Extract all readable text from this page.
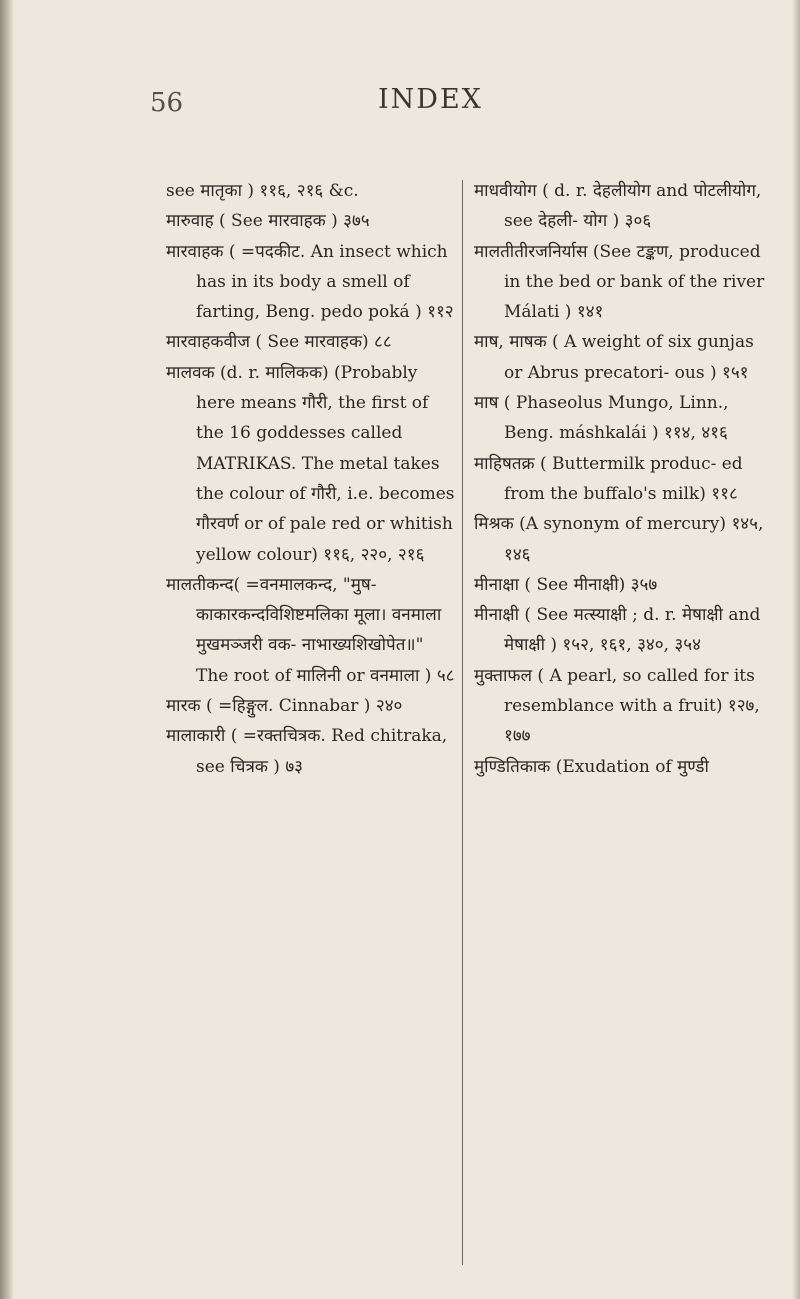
56	INDEX

see मातृका ) ११६, २१६ &c.

मारुवाह ( See मारवाहक ) ३७५

मारवाहक ( =पदकीट. An insect which has in its body a smell of farting, Beng. pedo poká ) ११२

मारवाहकवीज ( See मारवाहक) ८८

मालवक (d. r. मालिकक) (Probably here means गौरी, the first of the 16 goddesses called MATRIKAS. The metal takes the colour of गौरी, i.e. becomes गौरवर्ण or of pale red or whitish yellow colour) ११६, २२०, २१६

मालतीकन्द( =वनमालकन्द, "मुष- काकारकन्दविशिष्टमलिका मूला। वनमाला मुखमञ्जरी वक- नाभाख्यशिखोपेत॥" The root of मालिनी or वनमाला ) ५८

मारक ( =हिङ्गुल. Cinnabar ) २४०

मालाकारी ( =रक्तचित्रक. Red chitraka, see चित्रक ) ७३

माधवीयोग ( d. r. देहलीयोग and पोटलीयोग, see देहली- योग ) ३०६

मालतीतीरजनिर्यास (See टङ्कण, produced in the bed or bank of the river Málati ) १४१

माष, माषक ( A weight of six gunjas or Abrus precatori- ous ) १५१

माष ( Phaseolus Mungo, Linn., Beng. máshkalái ) ११४, ४१६

माहिषतक्र ( Buttermilk produc- ed from the buffalo's milk) ११८

मिश्रक (A synonym of mercury) १४५, १४६

मीनाक्षा ( See मीनाक्षी) ३५७

मीनाक्षी ( See मत्स्याक्षी ; d. r. मेषाक्षी and मेषाक्षी ) १५२, १६१, ३४०, ३५४

मुक्ताफल ( A pearl, so called for its resemblance with a fruit) १२७, १७७

मुण्डितिकाक (Exudation of मुण्डी
